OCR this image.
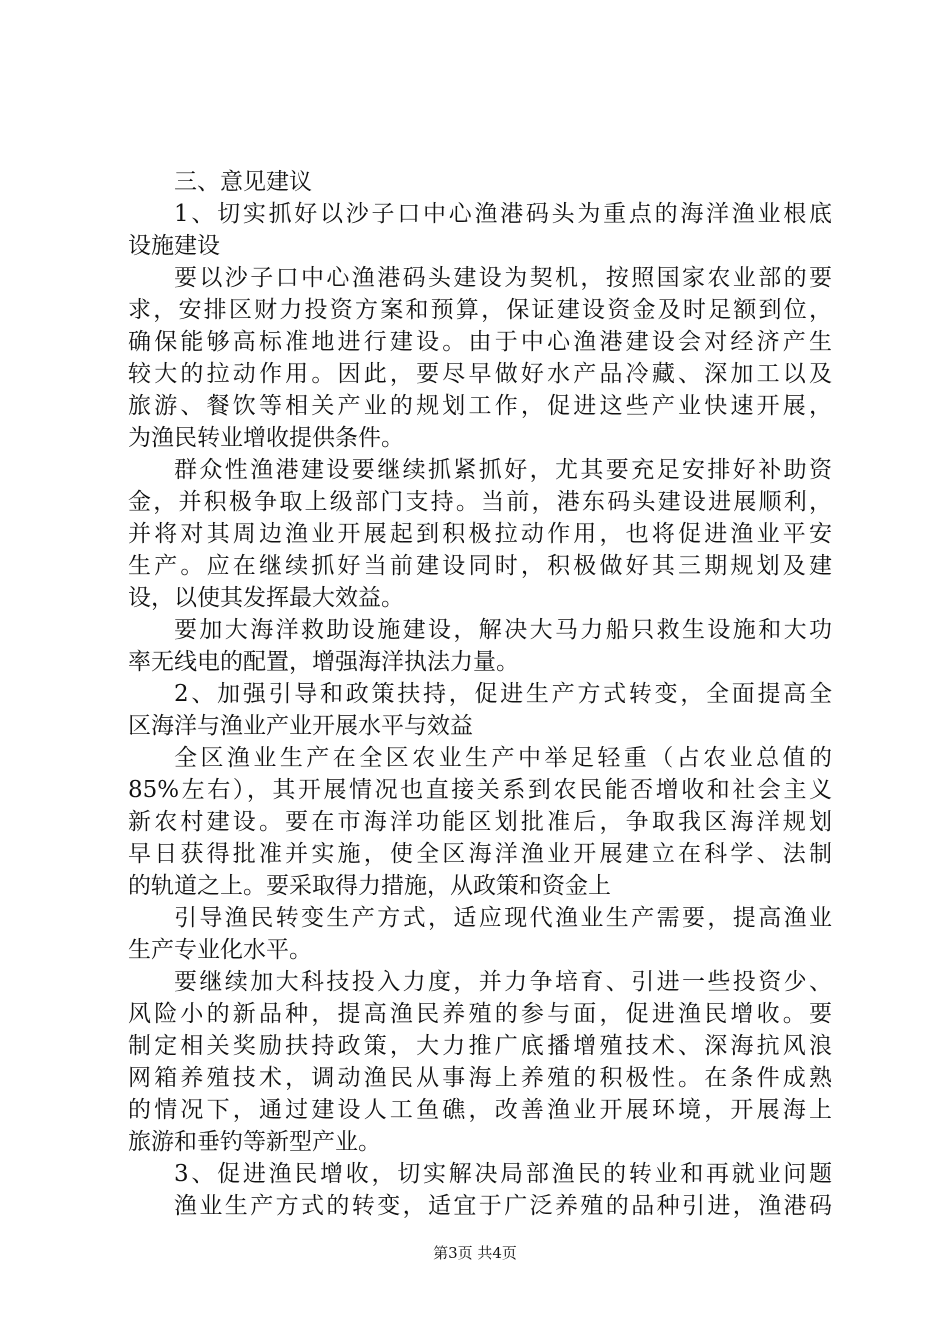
三、意见建议

1、切实抓好以沙子口中心渔港码头为重点的海洋渔业根底

设施建设

要以沙子口中心渔港码头建设为契机，按照国家农业部的要

求，安排区财力投资方案和预算，保证建设资金及时足额到位，

确保能够高标准地进行建设。由于中心渔港建设会对经济产生

较大的拉动作用。因此，要尽早做好水产品冷藏、深加工以及

旅游、餐饮等相关产业的规划工作，促进这些产业快速开展，

为渔民转业增收提供条件。

群众性渔港建设要继续抓紧抓好，尤其要充足安排好补助资

金，并积极争取上级部门支持。当前，港东码头建设进展顺利，

并将对其周边渔业开展起到积极拉动作用，也将促进渔业平安

生产。应在继续抓好当前建设同时，积极做好其三期规划及建

设，以使其发挥最大效益。

要加大海洋救助设施建设，解决大马力船只救生设施和大功

率无线电的配置，增强海洋执法力量。

2、加强引导和政策扶持，促进生产方式转变，全面提高全

区海洋与渔业产业开展水平与效益

全区渔业生产在全区农业生产中举足轻重（占农业总值的

85%左右），其开展情况也直接关系到农民能否增收和社会主义

新农村建设。要在市海洋功能区划批准后，争取我区海洋规划

早日获得批准并实施，使全区海洋渔业开展建立在科学、法制

的轨道之上。要采取得力措施，从政策和资金上

引导渔民转变生产方式，适应现代渔业生产需要，提高渔业

生产专业化水平。

要继续加大科技投入力度，并力争培育、引进一些投资少、

风险小的新品种，提高渔民养殖的参与面，促进渔民增收。要

制定相关奖励扶持政策，大力推广底播增殖技术、深海抗风浪

网箱养殖技术，调动渔民从事海上养殖的积极性。在条件成熟

的情况下，通过建设人工鱼礁，改善渔业开展环境，开展海上

旅游和垂钓等新型产业。

3、促进渔民增收，切实解决局部渔民的转业和再就业问题

渔业生产方式的转变，适宜于广泛养殖的品种引进，渔港码

第3页 共4页
